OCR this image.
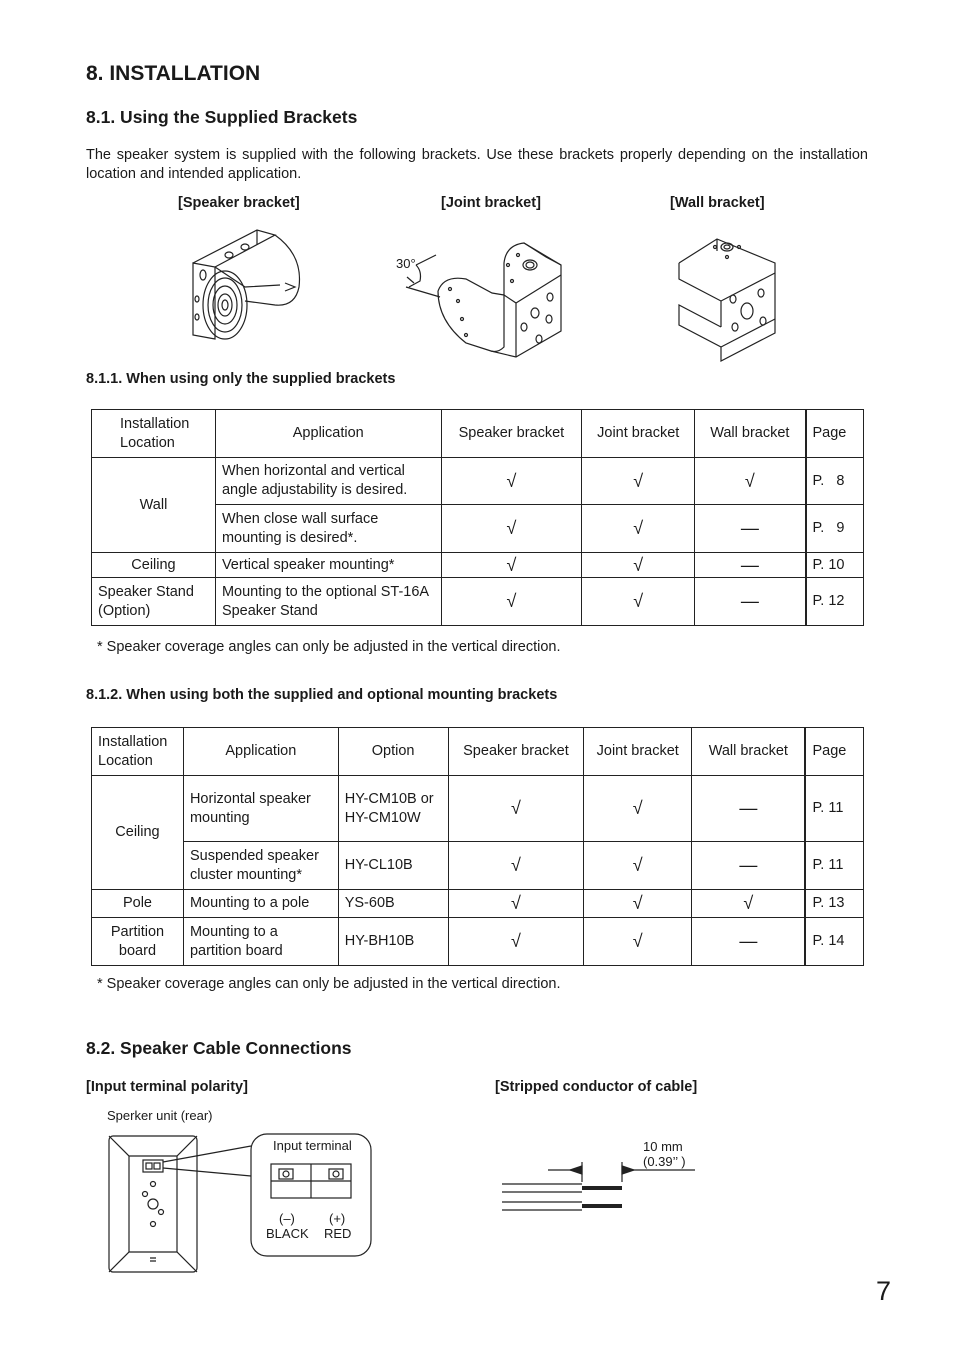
8. INSTALLATION
8.1. Using the Supplied Brackets

The speaker system is supplied with the following brackets. Use these brackets properly depending on the installation location and intended application.

[Speaker bracket]	[Joint bracket]	[Wall bracket]
30°
8.1.1. When using only the supplied brackets
Installation Location	Application	Speaker bracket	Joint bracket	Wall bracket	Page
Wall	When horizontal and vertical angle adjustability is desired.	√	√	√	P.   8
	When close wall surface mounting is desired*.	√	√	—	P.   9
Ceiling	Vertical speaker mounting*	√	√	—	P. 10
Speaker Stand (Option)	Mounting to the optional ST-16A Speaker Stand	√	√	—	P. 12
* Speaker coverage angles can only be adjusted in the vertical direction.
8.1.2. When using both the supplied and optional mounting brackets
Installation Location	Application	Option	Speaker bracket	Joint bracket	Wall bracket	Page
Ceiling	Horizontal speaker mounting	HY-CM10B or HY-CM10W	√	√	—	P. 11
	Suspended speaker cluster mounting*	HY-CL10B	√	√	—	P. 11
Pole	Mounting to a pole	YS-60B	√	√	√	P. 13
Partition board	Mounting to a partition board	HY-BH10B	√	√	—	P. 14
* Speaker coverage angles can only be adjusted in the vertical direction.
8.2. Speaker Cable Connections
[Input terminal polarity]	[Stripped conductor of cable]
Sperker unit (rear)
Input terminal
(–)	(+)
BLACK RED
10 mm
(0.39’’ )
7
